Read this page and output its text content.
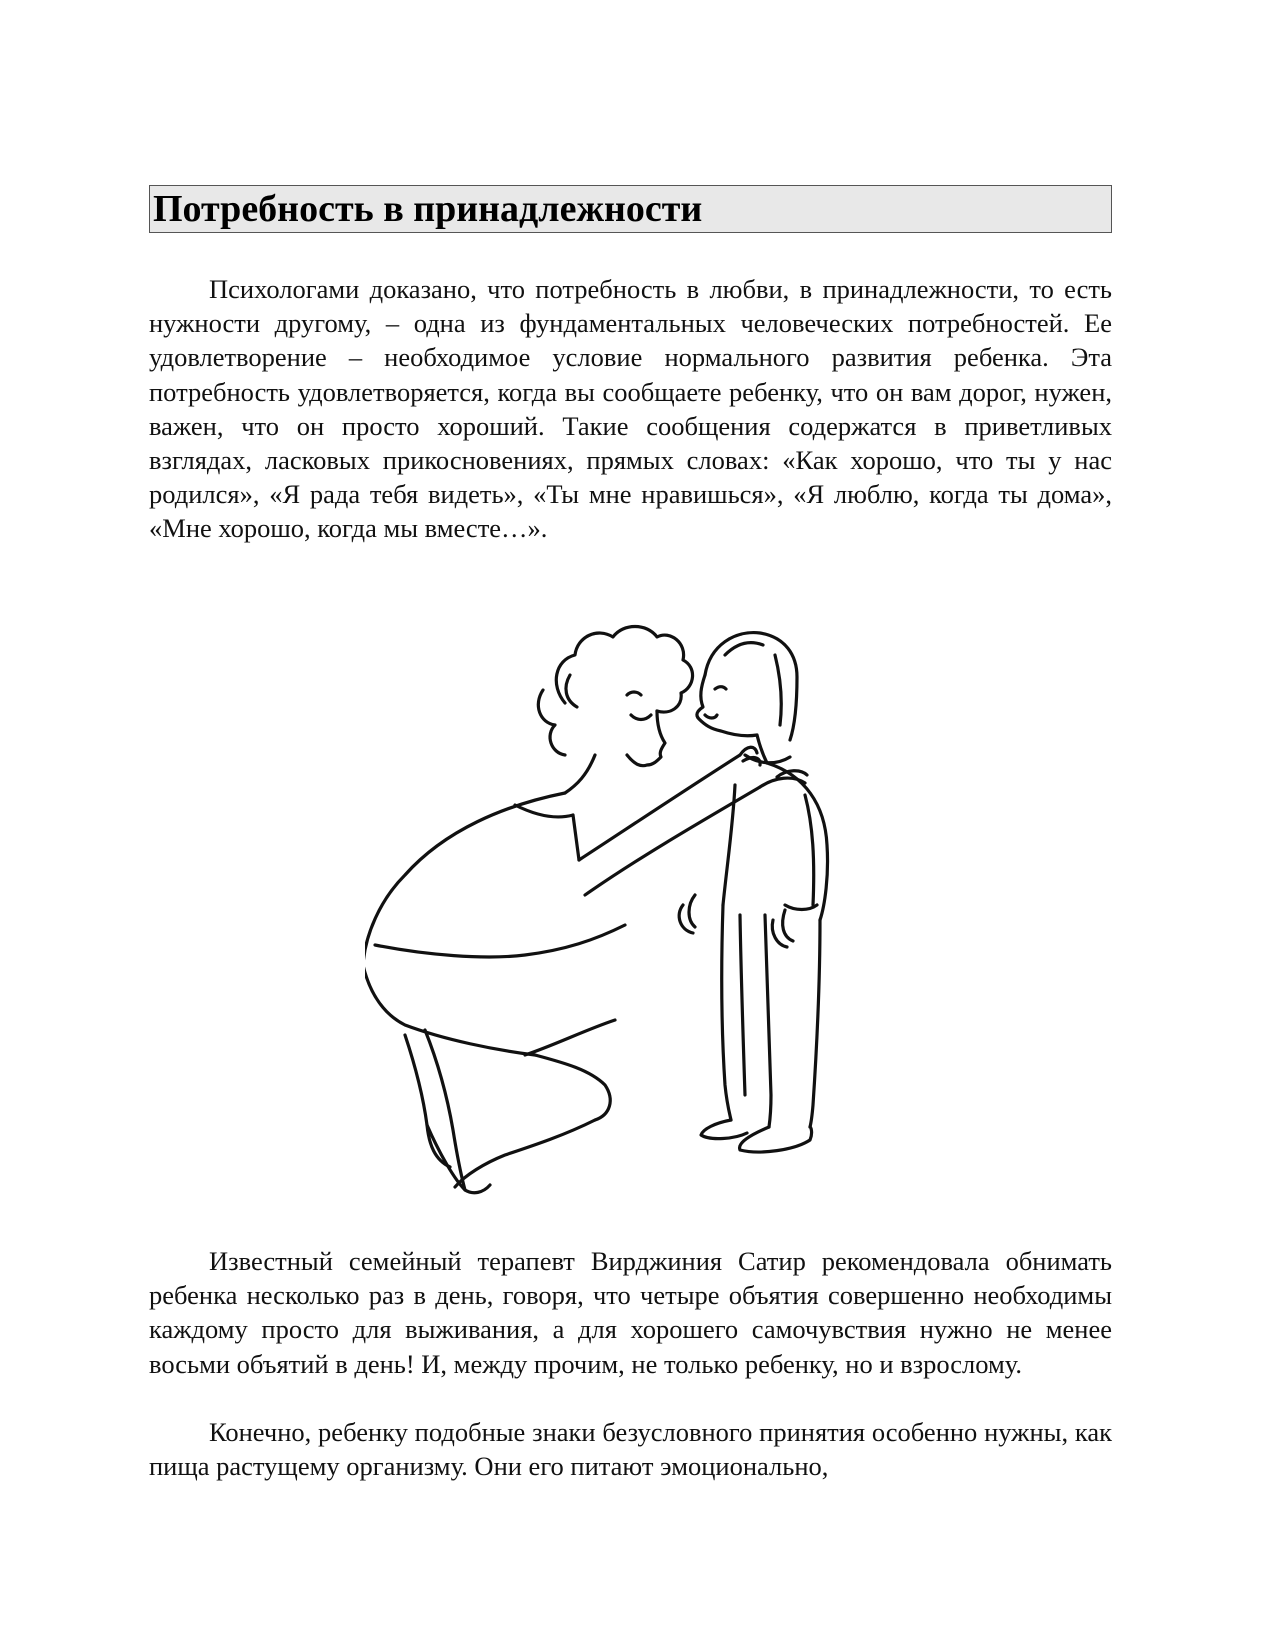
Потребность в принадлежности

Психологами доказано, что потребность в любви, в принадлежности, то есть нужности другому, – одна из фундаментальных человеческих потребностей. Ее удовлетворение – необходимое условие нормального развития ребенка. Эта потребность удовлетворяется, когда вы сообщаете ребенку, что он вам дорог, нужен, важен, что он просто хороший. Такие сообщения содержатся в приветливых взглядах, ласковых прикосновениях, прямых словах: «Как хорошо, что ты у нас родился», «Я рада тебя видеть», «Ты мне нравишься», «Я люблю, когда ты дома», «Мне хорошо, когда мы вместе…».

Известный семейный терапевт Вирджиния Сатир рекомендовала обнимать ребенка несколько раз в день, говоря, что четыре объятия совершенно необходимы каждому просто для выживания, а для хорошего самочувствия нужно не менее восьми объятий в день! И, между прочим, не только ребенку, но и взрослому.

Конечно, ребенку подобные знаки безусловного принятия особенно нужны, как пища растущему организму. Они его питают эмоционально,
